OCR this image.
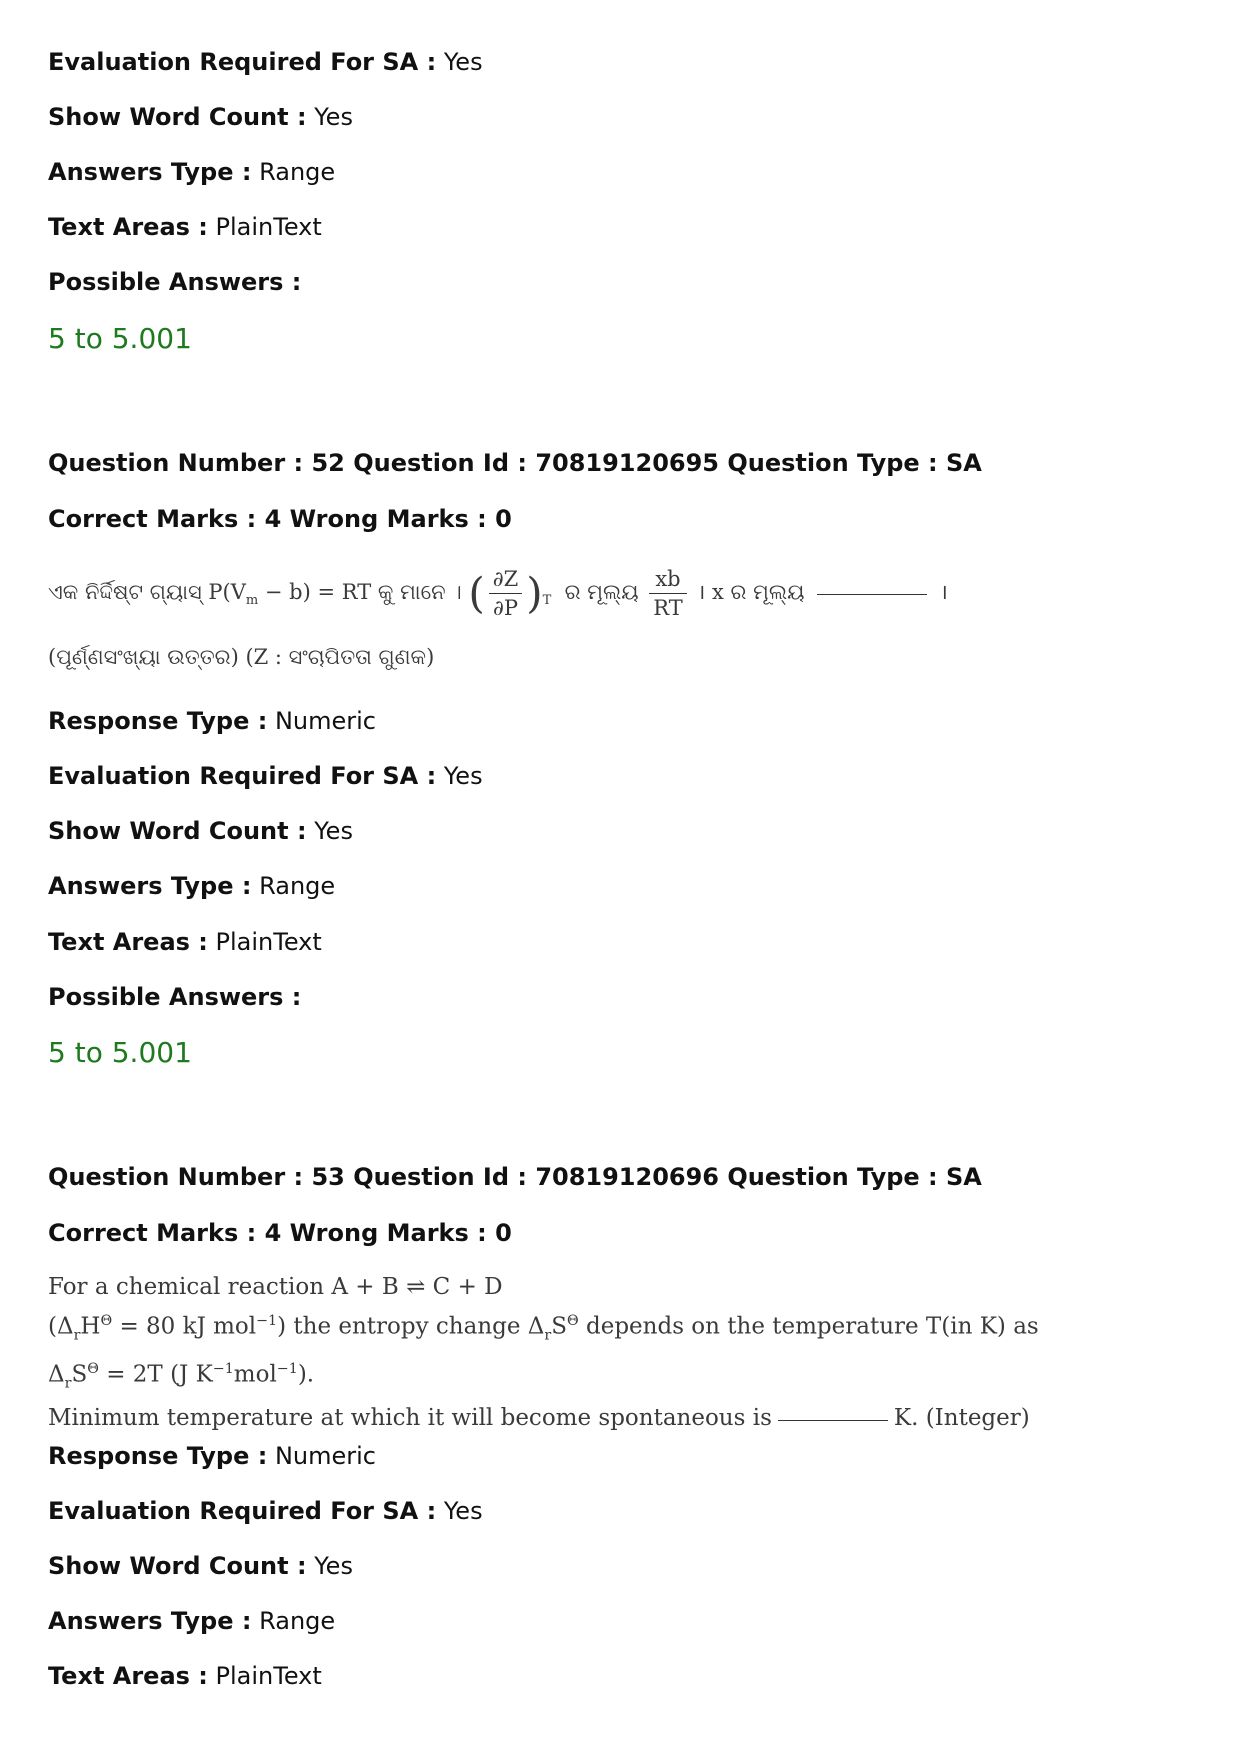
Evaluation Required For SA : Yes
Show Word Count : Yes
Answers Type : Range
Text Areas : PlainText
Possible Answers :
5 to 5.001
Question Number : 52 Question Id : 70819120695 Question Type : SA
Correct Marks : 4 Wrong Marks : 0
ଏକ ନିର୍ଦ୍ଦିଷ୍ଟ ଗ୍ୟାସ୍ $P(V_m - b)$ = RT କୁ ମାନେ । ( $\frac{\partial Z}{\partial P} )_T$ ର ମୂଲ୍ୟ $\frac{xb}{RT}$ । x ର ମୂଲ୍ୟ	।
(ପୂର୍ଣ୍ଣସଂଖ୍ୟା ଉତ୍ତର) (Z : ସଂଚାପିତତା ଗୁଣକ)
Response Type : Numeric
Evaluation Required For SA : Yes
Show Word Count : Yes
Answers Type : Range
Text Areas : PlainText
Possible Answers :
5 to 5.001
Question Number : 53 Question Id : 70819120696 Question Type : SA
Correct Marks : 4 Wrong Marks : 0
For a chemical reaction A + B ⇌ C + D
($\Delta_rH^\Theta = 80$ kJ mol$^{-1}$) the entropy change $\Delta_rS^\Theta$ depends on the temperature T(in K) as
$\Delta_rS^\Theta = 2T$ (J $K^{-1}mol^{-1}$).
Minimum temperature at which it will become spontaneous is	K. (Integer)
Response Type : Numeric
Evaluation Required For SA : Yes
Show Word Count : Yes
Answers Type : Range
Text Areas : PlainText
